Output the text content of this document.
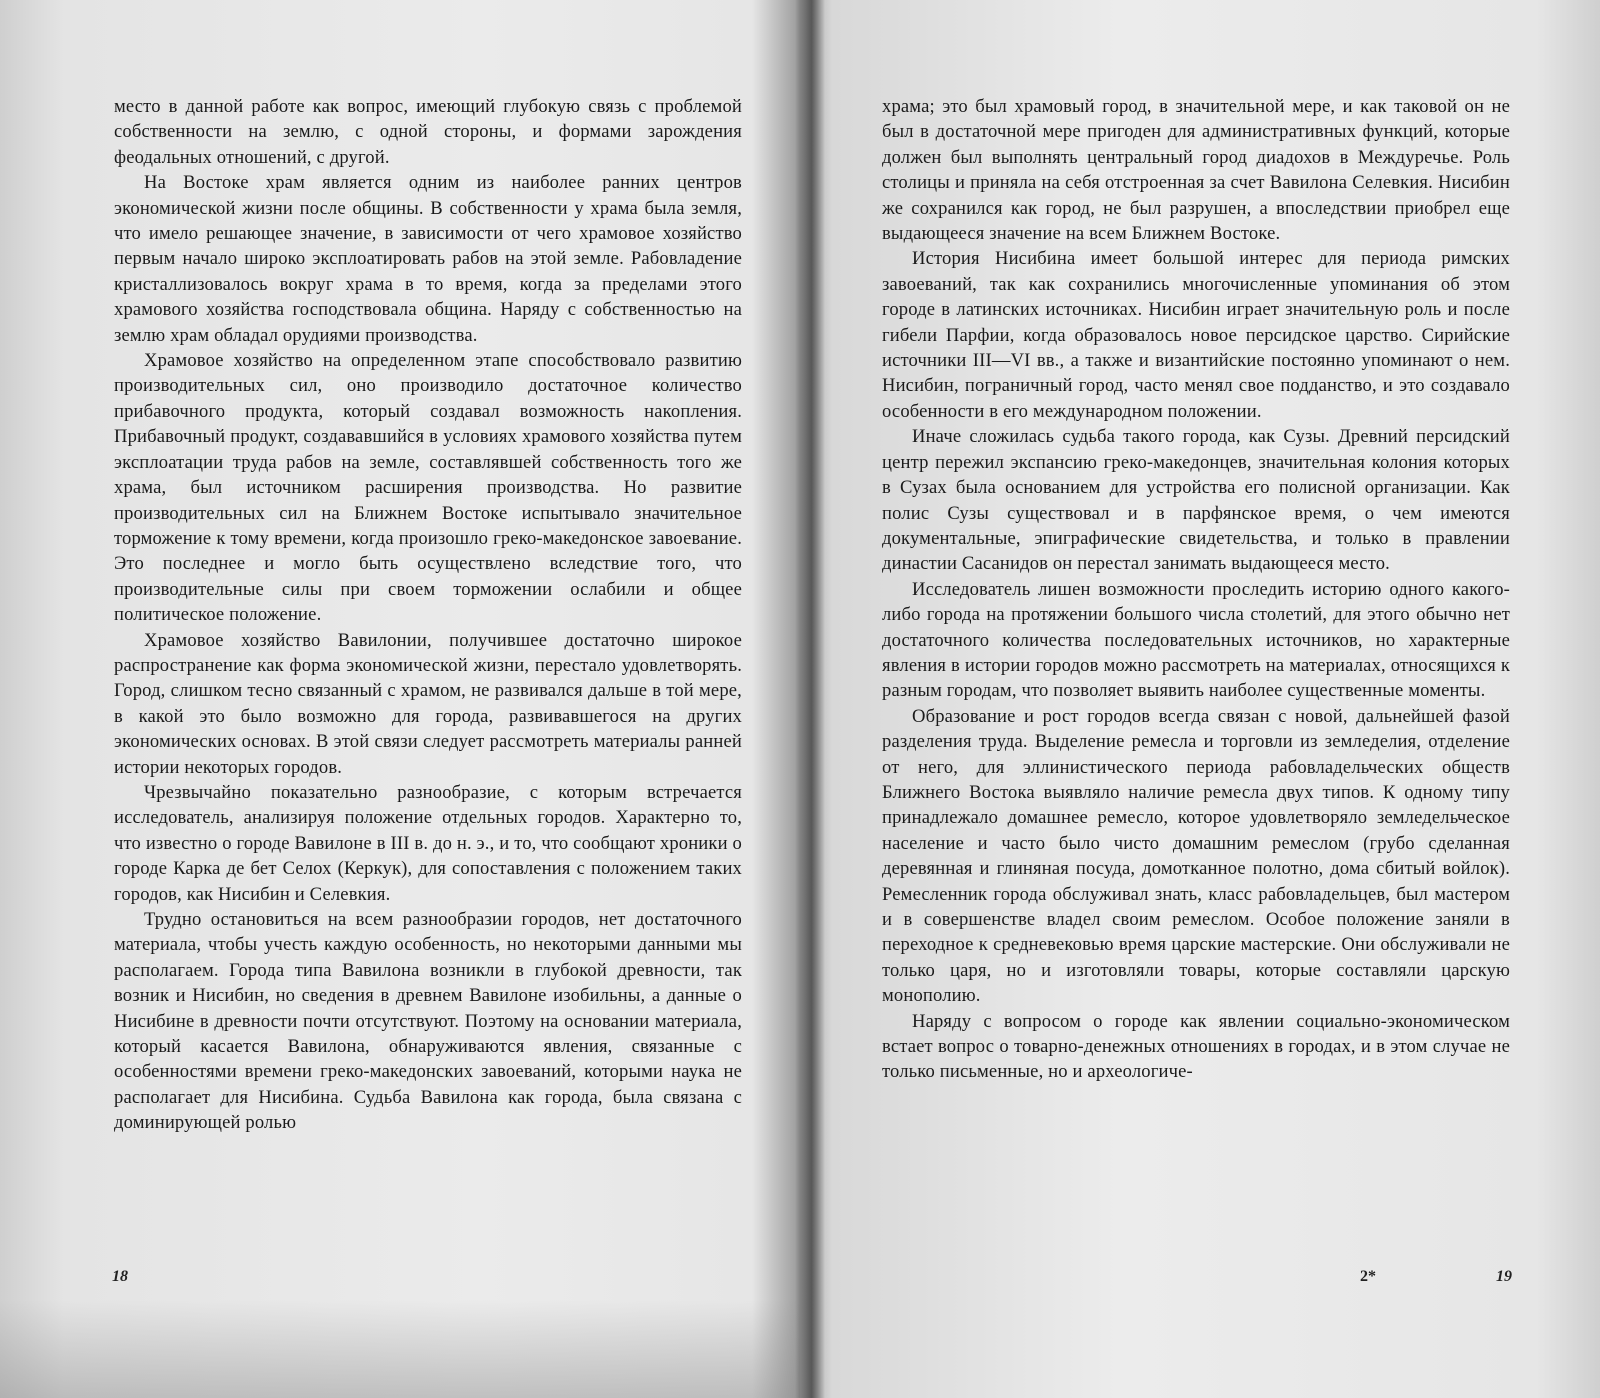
место в данной работе как вопрос, имеющий глубокую связь с проблемой собственности на землю, с одной стороны, и формами зарождения феодальных отношений, с другой.

На Востоке храм является одним из наиболее ранних центров экономической жизни после общины. В собственности у храма была земля, что имело решающее значение, в зависимости от чего храмовое хозяйство первым начало широко эксплоатировать рабов на этой земле. Рабовладение кристаллизовалось вокруг храма в то время, когда за пределами этого храмового хозяйства господствовала община. Наряду с собственностью на землю храм обладал орудиями производства.

Храмовое хозяйство на определенном этапе способствовало развитию производительных сил, оно производило достаточное количество прибавочного продукта, который создавал возможность накопления. Прибавочный продукт, создававшийся в условиях храмового хозяйства путем эксплоатации труда рабов на земле, составлявшей собственность того же храма, был источником расширения производства. Но развитие производительных сил на Ближнем Востоке испытывало значительное торможение к тому времени, когда произошло греко-македонское завоевание. Это последнее и могло быть осуществлено вследствие того, что производительные силы при своем торможении ослабили и общее политическое положение.

Храмовое хозяйство Вавилонии, получившее достаточно широкое распространение как форма экономической жизни, перестало удовлетворять. Город, слишком тесно связанный с храмом, не развивался дальше в той мере, в какой это было возможно для города, развивавшегося на других экономических основах. В этой связи следует рассмотреть материалы ранней истории некоторых городов.

Чрезвычайно показательно разнообразие, с которым встречается исследователь, анализируя положение отдельных городов. Характерно то, что известно о городе Вавилоне в III в. до н. э., и то, что сообщают хроники о городе Карка де бет Селох (Керкук), для сопоставления с положением таких городов, как Нисибин и Селевкия.

Трудно остановиться на всем разнообразии городов, нет достаточного материала, чтобы учесть каждую особенность, но некоторыми данными мы располагаем. Города типа Вавилона возникли в глубокой древности, так возник и Нисибин, но сведения в древнем Вавилоне изобильны, а данные о Нисибине в древности почти отсутствуют. Поэтому на основании материала, который касается Вавилона, обнаруживаются явления, связанные с особенностями времени греко-македонских завоеваний, которыми наука не располагает для Нисибина. Судьба Вавилона как города, была связана с доминирующей ролью

18

храма; это был храмовый город, в значительной мере, и как таковой он не был в достаточной мере пригоден для административных функций, которые должен был выполнять центральный город диадохов в Междуречье. Роль столицы и приняла на себя отстроенная за счет Вавилона Селевкия. Нисибин же сохранился как город, не был разрушен, а впоследствии приобрел еще выдающееся значение на всем Ближнем Востоке.

История Нисибина имеет большой интерес для периода римских завоеваний, так как сохранились многочисленные упоминания об этом городе в латинских источниках. Нисибин играет значительную роль и после гибели Парфии, когда образовалось новое персидское царство. Сирийские источники III—VI вв., а также и византийские постоянно упоминают о нем. Нисибин, пограничный город, часто менял свое подданство, и это создавало особенности в его международном положении.

Иначе сложилась судьба такого города, как Сузы. Древний персидский центр пережил экспансию греко-македонцев, значительная колония которых в Сузах была основанием для устройства его полисной организации. Как полис Сузы существовал и в парфянское время, о чем имеются документальные, эпиграфические свидетельства, и только в правлении династии Сасанидов он перестал занимать выдающееся место.

Исследователь лишен возможности проследить историю одного какого-либо города на протяжении большого числа столетий, для этого обычно нет достаточного количества последовательных источников, но характерные явления в истории городов можно рассмотреть на материалах, относящихся к разным городам, что позволяет выявить наиболее существенные моменты.

Образование и рост городов всегда связан с новой, дальнейшей фазой разделения труда. Выделение ремесла и торговли из земледелия, отделение от него, для эллинистического периода рабовладельческих обществ Ближнего Востока выявляло наличие ремесла двух типов. К одному типу принадлежало домашнее ремесло, которое удовлетворяло земледельческое население и часто было чисто домашним ремеслом (грубо сделанная деревянная и глиняная посуда, домотканное полотно, дома сбитый войлок). Ремесленник города обслуживал знать, класс рабовладельцев, был мастером и в совершенстве владел своим ремеслом. Особое положение заняли в переходное к средневековью время царские мастерские. Они обслуживали не только царя, но и изготовляли товары, которые составляли царскую монополию.

Наряду с вопросом о городе как явлении социально-экономическом встает вопрос о товарно-денежных отношениях в городах, и в этом случае не только письменные, но и археологиче-

2*	19
